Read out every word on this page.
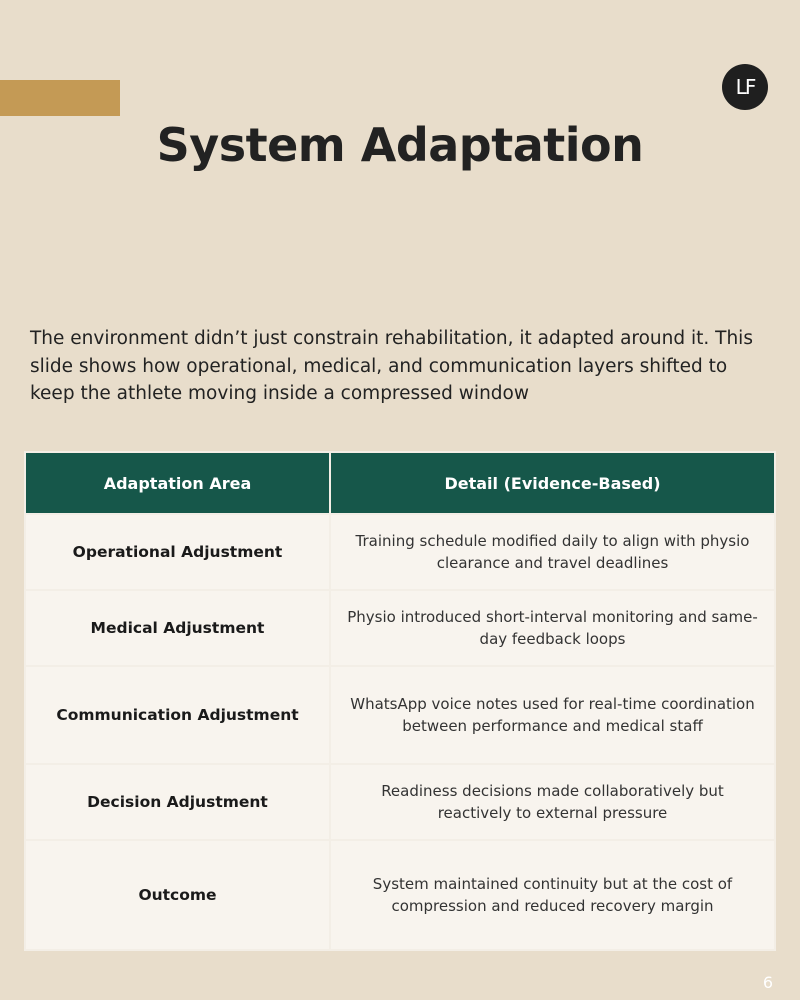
LF
System Adaptation
The environment didn’t just constrain rehabilitation, it adapted around it. This slide shows how operational, medical, and communication layers shifted to keep the athlete moving inside a compressed window
Adaptation Area	Detail (Evidence-Based)
Operational Adjustment	Training schedule modified daily to align with physio clearance and travel deadlines
Medical Adjustment	Physio introduced short-interval monitoring and same-day feedback loops
Communication Adjustment	WhatsApp voice notes used for real-time coordination between performance and medical staff
Decision Adjustment	Readiness decisions made collaboratively but reactively to external pressure
Outcome	System maintained continuity but at the cost of compression and reduced recovery margin
6
